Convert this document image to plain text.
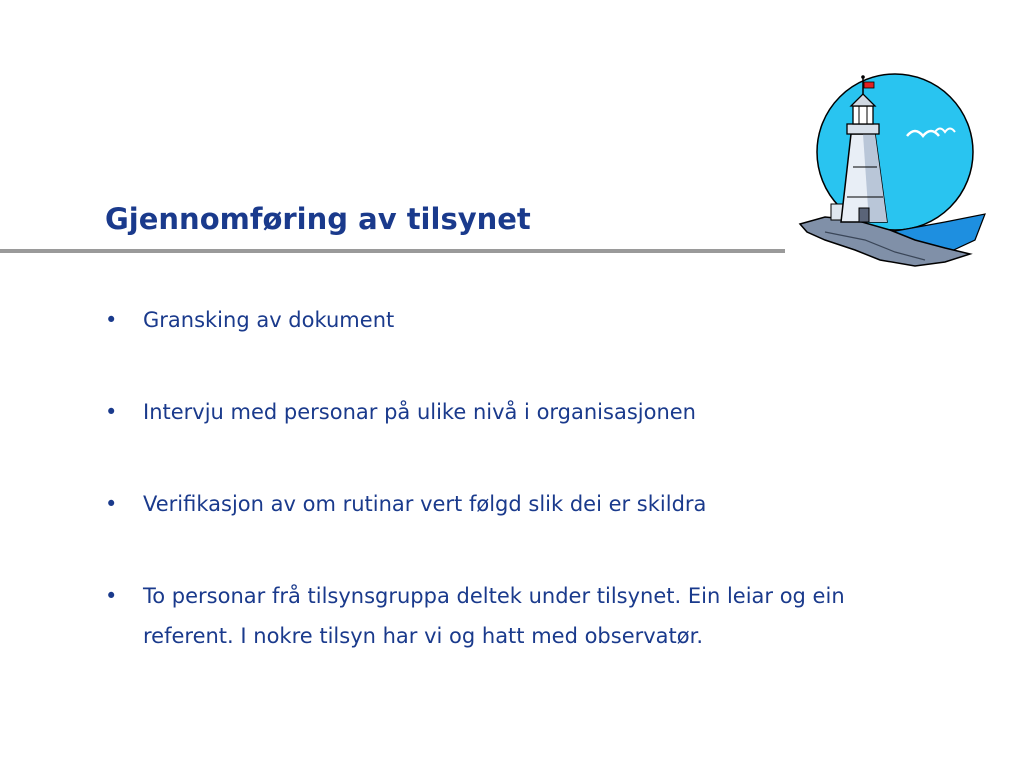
Gjennomføring av tilsynet
•	Gransking av dokument
•	Intervju med personar på ulike nivå i organisasjonen
•	Verifikasjon av om rutinar vert følgd slik dei er skildra
•	To personar frå tilsynsgruppa deltek under tilsynet. Ein leiar og ein referent. I nokre tilsyn har vi og hatt med observatør.
